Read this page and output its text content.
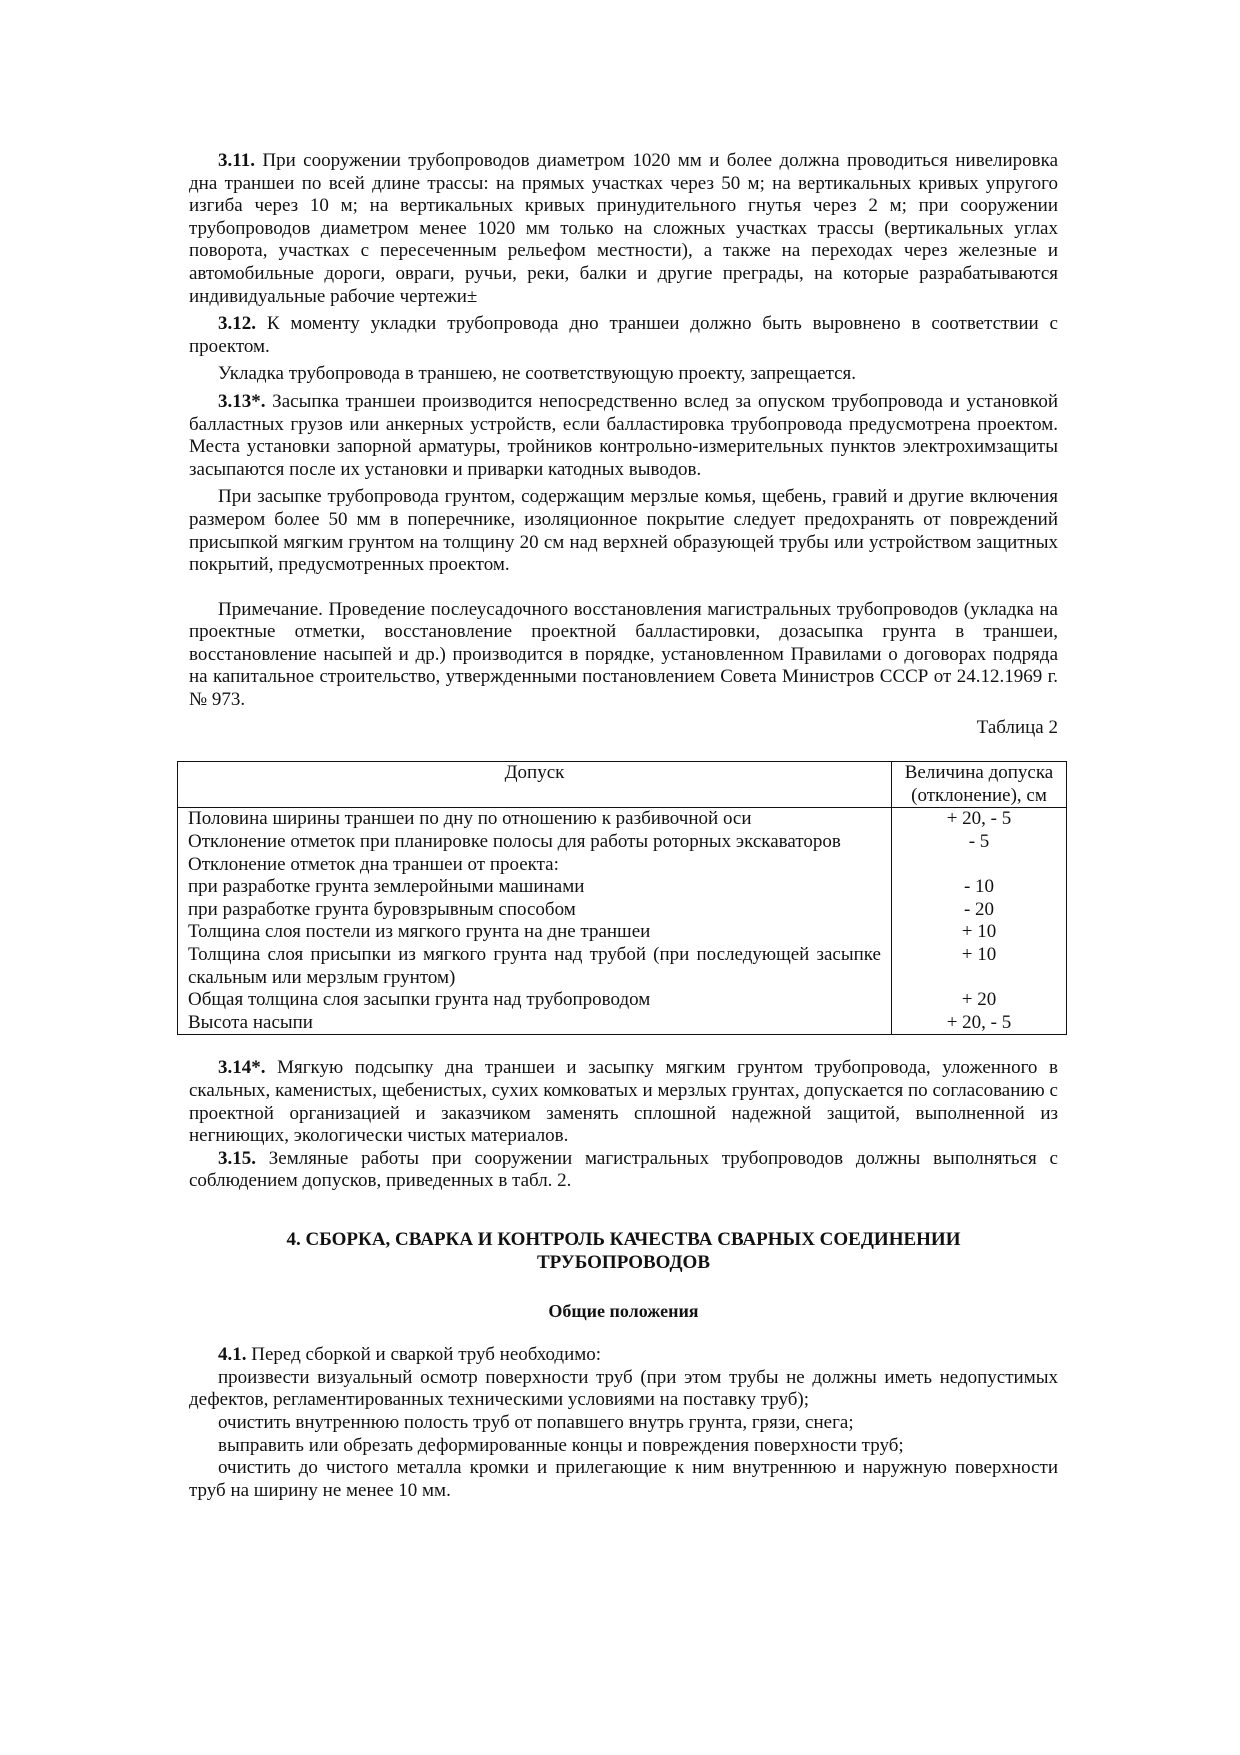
3.11. При сооружении трубопроводов диаметром 1020 мм и более должна проводиться нивелировка дна траншеи по всей длине трассы: на прямых участках через 50 м; на вертикальных кривых упругого изгиба через 10 м; на вертикальных кривых принудительного гнутья через 2 м; при сооружении трубопроводов диаметром менее 1020 мм только на сложных участках трассы (вертикальных углах поворота, участках с пересеченным рельефом местности), а также на переходах через железные и автомобильные дороги, овраги, ручьи, реки, балки и другие преграды, на которые разрабатываются индивидуальные рабочие чертежи±

3.12. К моменту укладки трубопровода дно траншеи должно быть выровнено в соответствии с проектом.

Укладка трубопровода в траншею, не соответствующую проекту, запрещается.

3.13*. Засыпка траншеи производится непосредственно вслед за опуском трубопровода и установкой балластных грузов или анкерных устройств, если балластировка трубопровода предусмотрена проектом. Места установки запорной арматуры, тройников контрольно-измерительных пунктов электрохимзащиты засыпаются после их установки и приварки катодных выводов.

При засыпке трубопровода грунтом, содержащим мерзлые комья, щебень, гравий и другие включения размером более 50 мм в поперечнике, изоляционное покрытие следует предохранять от повреждений присыпкой мягким грунтом на толщину 20 см над верхней образующей трубы или устройством защитных покрытий, предусмотренных проектом.

Примечание. Проведение послеусадочного восстановления магистральных трубопроводов (укладка на проектные отметки, восстановление проектной балластировки, дозасыпка грунта в траншеи, восстановление насыпей и др.) производится в порядке, установленном Правилами о договорах подряда на капитальное строительство, утвержденными постановлением Совета Министров СССР от 24.12.1969 г. № 973.

Таблица 2

Допуск	Величина допуска (отклонение), см
Половина ширины траншеи по дну по отношению к разбивочной оси	+ 20, - 5
Отклонение отметок при планировке полосы для работы роторных экскаваторов	- 5
Отклонение отметок дна траншеи от проекта:	
при разработке грунта землеройными машинами	- 10
при разработке грунта буровзрывным способом	- 20
Толщина слоя постели из мягкого грунта на дне траншеи	+ 10
Толщина слоя присыпки из мягкого грунта над трубой (при последующей засыпке скальным или мерзлым грунтом)	+ 10
Общая толщина слоя засыпки грунта над трубопроводом	+ 20
Высота насыпи	+ 20, - 5

3.14*. Мягкую подсыпку дна траншеи и засыпку мягким грунтом трубопровода, уложенного в скальных, каменистых, щебенистых, сухих комковатых и мерзлых грунтах, допускается по согласованию с проектной организацией и заказчиком заменять сплошной надежной защитой, выполненной из негниющих, экологически чистых материалов.

3.15. Земляные работы при сооружении магистральных трубопроводов должны выполняться с соблюдением допусков, приведенных в табл. 2.

4. СБОРКА, СВАРКА И КОНТРОЛЬ КАЧЕСТВА СВАРНЫХ СОЕДИНЕНИИ ТРУБОПРОВОДОВ
Общие положения

4.1. Перед сборкой и сваркой труб необходимо:

произвести визуальный осмотр поверхности труб (при этом трубы не должны иметь недопустимых дефектов, регламентированных техническими условиями на поставку труб);

очистить внутреннюю полость труб от попавшего внутрь грунта, грязи, снега;

выправить или обрезать деформированные концы и повреждения поверхности труб;

очистить до чистого металла кромки и прилегающие к ним внутреннюю и наружную поверхности труб на ширину не менее 10 мм.
